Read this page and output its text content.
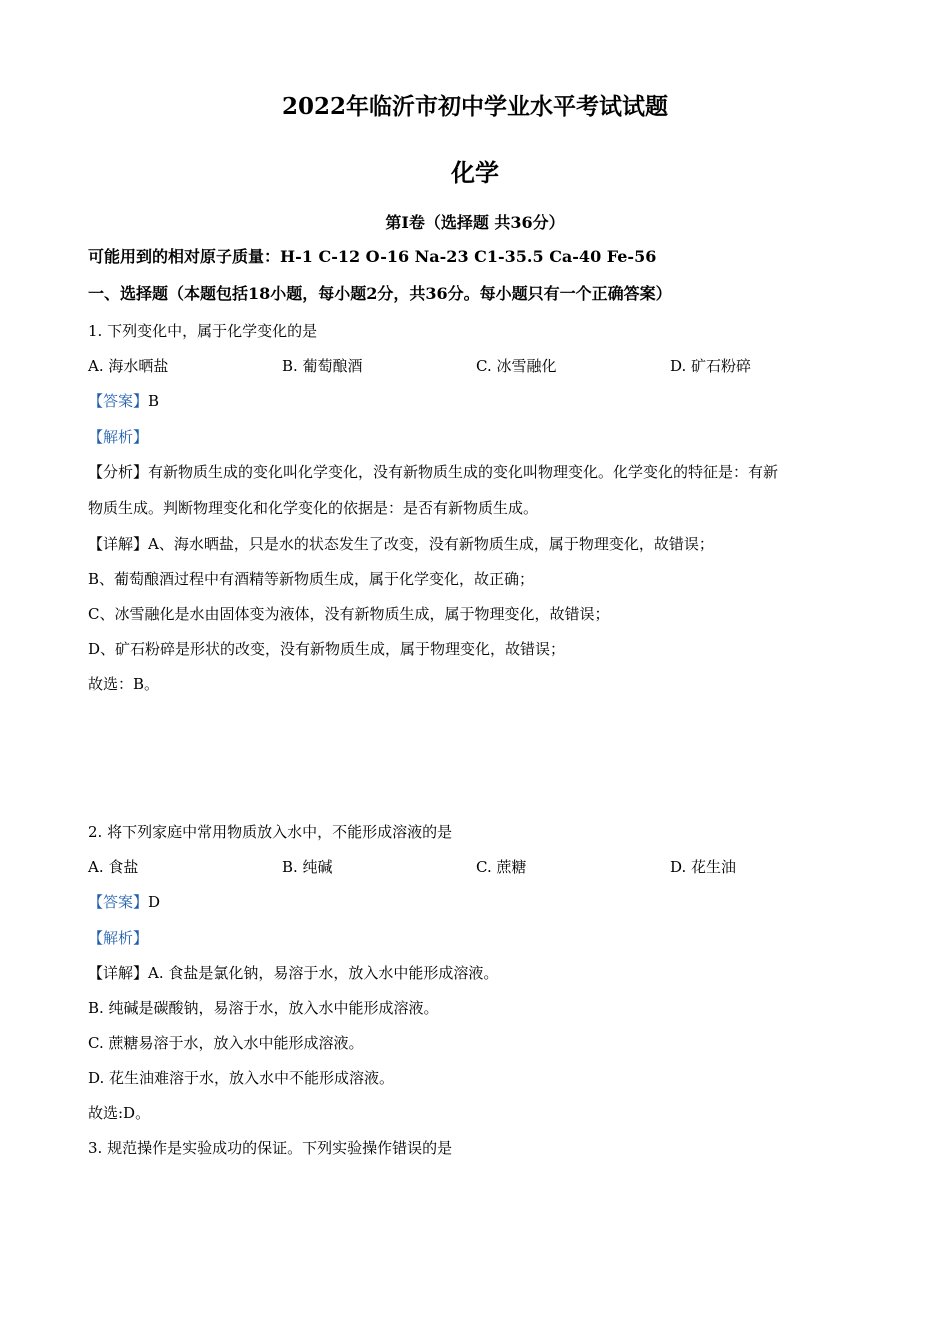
2022年临沂市初中学业水平考试试题
化学
第I卷（选择题 共36分）
可能用到的相对原子质量：H-1 C-12 O-16 Na-23 C1-35.5 Ca-40 Fe-56
一、选择题（本题包括18小题，每小题2分，共36分。每小题只有一个正确答案）
1. 下列变化中，属于化学变化的是
A. 海水晒盐	B. 葡萄酿酒	C. 冰雪融化	D. 矿石粉碎
【答案】B
【解析】
【分析】有新物质生成的变化叫化学变化，没有新物质生成的变化叫物理变化。化学变化的特征是：有新
物质生成。判断物理变化和化学变化的依据是：是否有新物质生成。
【详解】A、海水晒盐，只是水的状态发生了改变，没有新物质生成，属于物理变化，故错误；
B、葡萄酿酒过程中有酒精等新物质生成，属于化学变化，故正确；
C、冰雪融化是水由固体变为液体，没有新物质生成，属于物理变化，故错误；
D、矿石粉碎是形状的改变，没有新物质生成，属于物理变化，故错误；
故选：B。
2. 将下列家庭中常用物质放入水中，不能形成溶液的是
A. 食盐	B. 纯碱	C. 蔗糖	D. 花生油
【答案】D
【解析】
【详解】A. 食盐是氯化钠，易溶于水，放入水中能形成溶液。
B. 纯碱是碳酸钠，易溶于水，放入水中能形成溶液。
C. 蔗糖易溶于水，放入水中能形成溶液。
D. 花生油难溶于水，放入水中不能形成溶液。
故选:D。
3. 规范操作是实验成功的保证。下列实验操作错误的是
